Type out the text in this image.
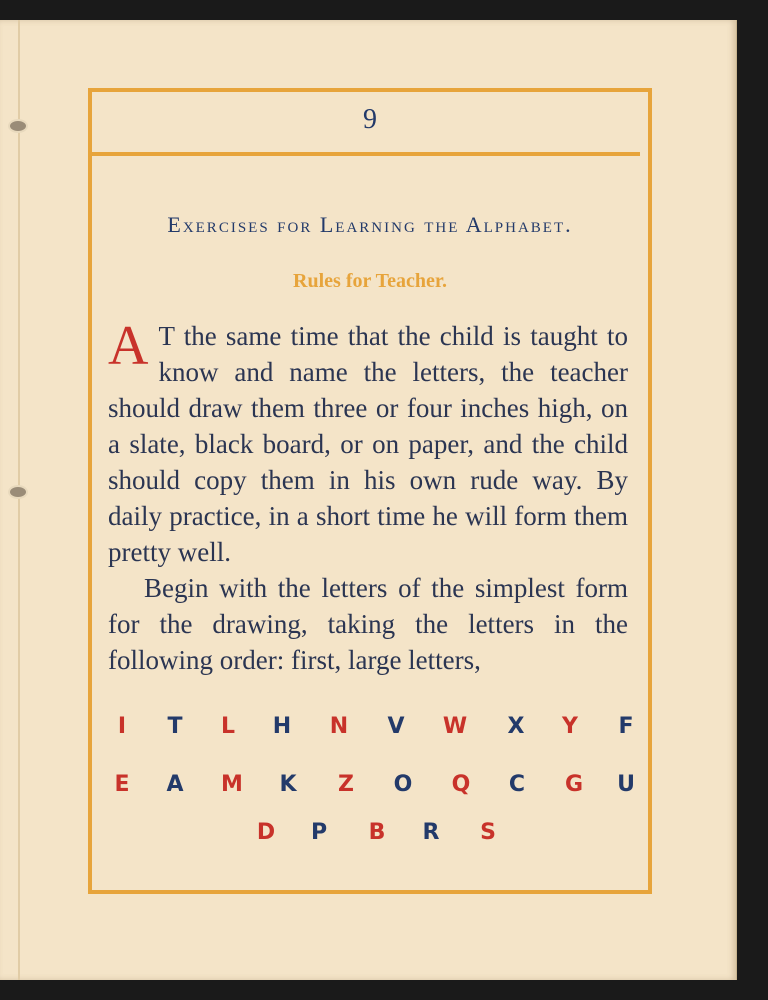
9
Exercises for Learning the Alphabet.
Rules for Teacher.

A T the same time that the child is taught to know and name the letters, the teacher should draw them three or four inches high, on a slate, black board, or on paper, and the child should copy them in his own rude way. By daily practice, in a short time he will form them pretty well.

Begin with the letters of the simplest form for the drawing, taking the letters in the following order: first, large letters,

I	T	L	H	N	V	W	X	Y	F
E	A	M	K	Z	O	Q	C	G	U
D	P	B	R	S
